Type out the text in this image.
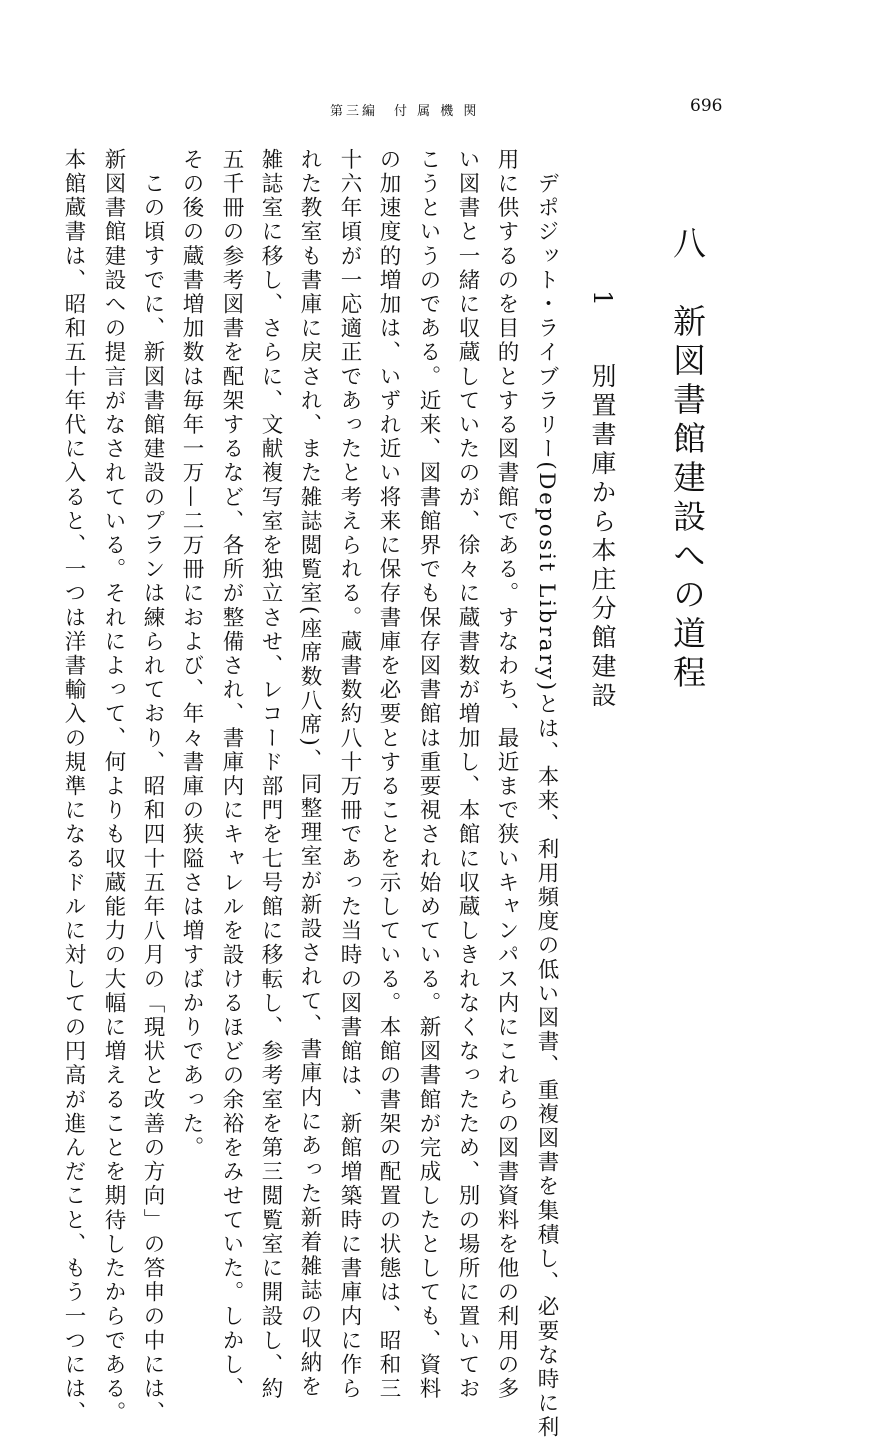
第三編　付 属 機 関	696
八　新図書館建設への道程
1 　 別置書庫から本庄分館建設
　デポジット・ライブラリー(Deposit Library)とは、本来、利用頻度の低い図書、重複図書を集積し、必要な時に利
用に供するのを目的とする図書館である。すなわち、最近まで狭いキャンパス内にこれらの図書資料を他の利用の多
い図書と一緒に収蔵していたのが、徐々に蔵書数が増加し、本館に収蔵しきれなくなったため、別の場所に置いてお
こうというのである。近来、図書館界でも保存図書館は重要視され始めている。新図書館が完成したとしても、資料
の加速度的増加は、いずれ近い将来に保存書庫を必要とすることを示している。本館の書架の配置の状態は、昭和三
十六年頃が一応適正であったと考えられる。蔵書数約八十万冊であった当時の図書館は、新館増築時に書庫内に作ら
れた教室も書庫に戻され、また雑誌閲覧室(座席数八席)、同整理室が新設されて、書庫内にあった新着雑誌の収納を
雑誌室に移し、さらに、文献複写室を独立させ、レコード部門を七号館に移転し、参考室を第三閲覧室に開設し、約
五千冊の参考図書を配架するなど、各所が整備され、書庫内にキャレルを設けるほどの余裕をみせていた。しかし、
その後の蔵書増加数は毎年一万—二万冊におよび、年々書庫の狭隘さは増すばかりであった。
　この頃すでに、新図書館建設のプランは練られており、昭和四十五年八月の「現状と改善の方向」の答申の中には、
新図書館建設への提言がなされている。それによって、何よりも収蔵能力の大幅に増えることを期待したからである。
本館蔵書は、昭和五十年代に入ると、一つは洋書輸入の規準になるドルに対しての円高が進んだこと、もう一つには、
